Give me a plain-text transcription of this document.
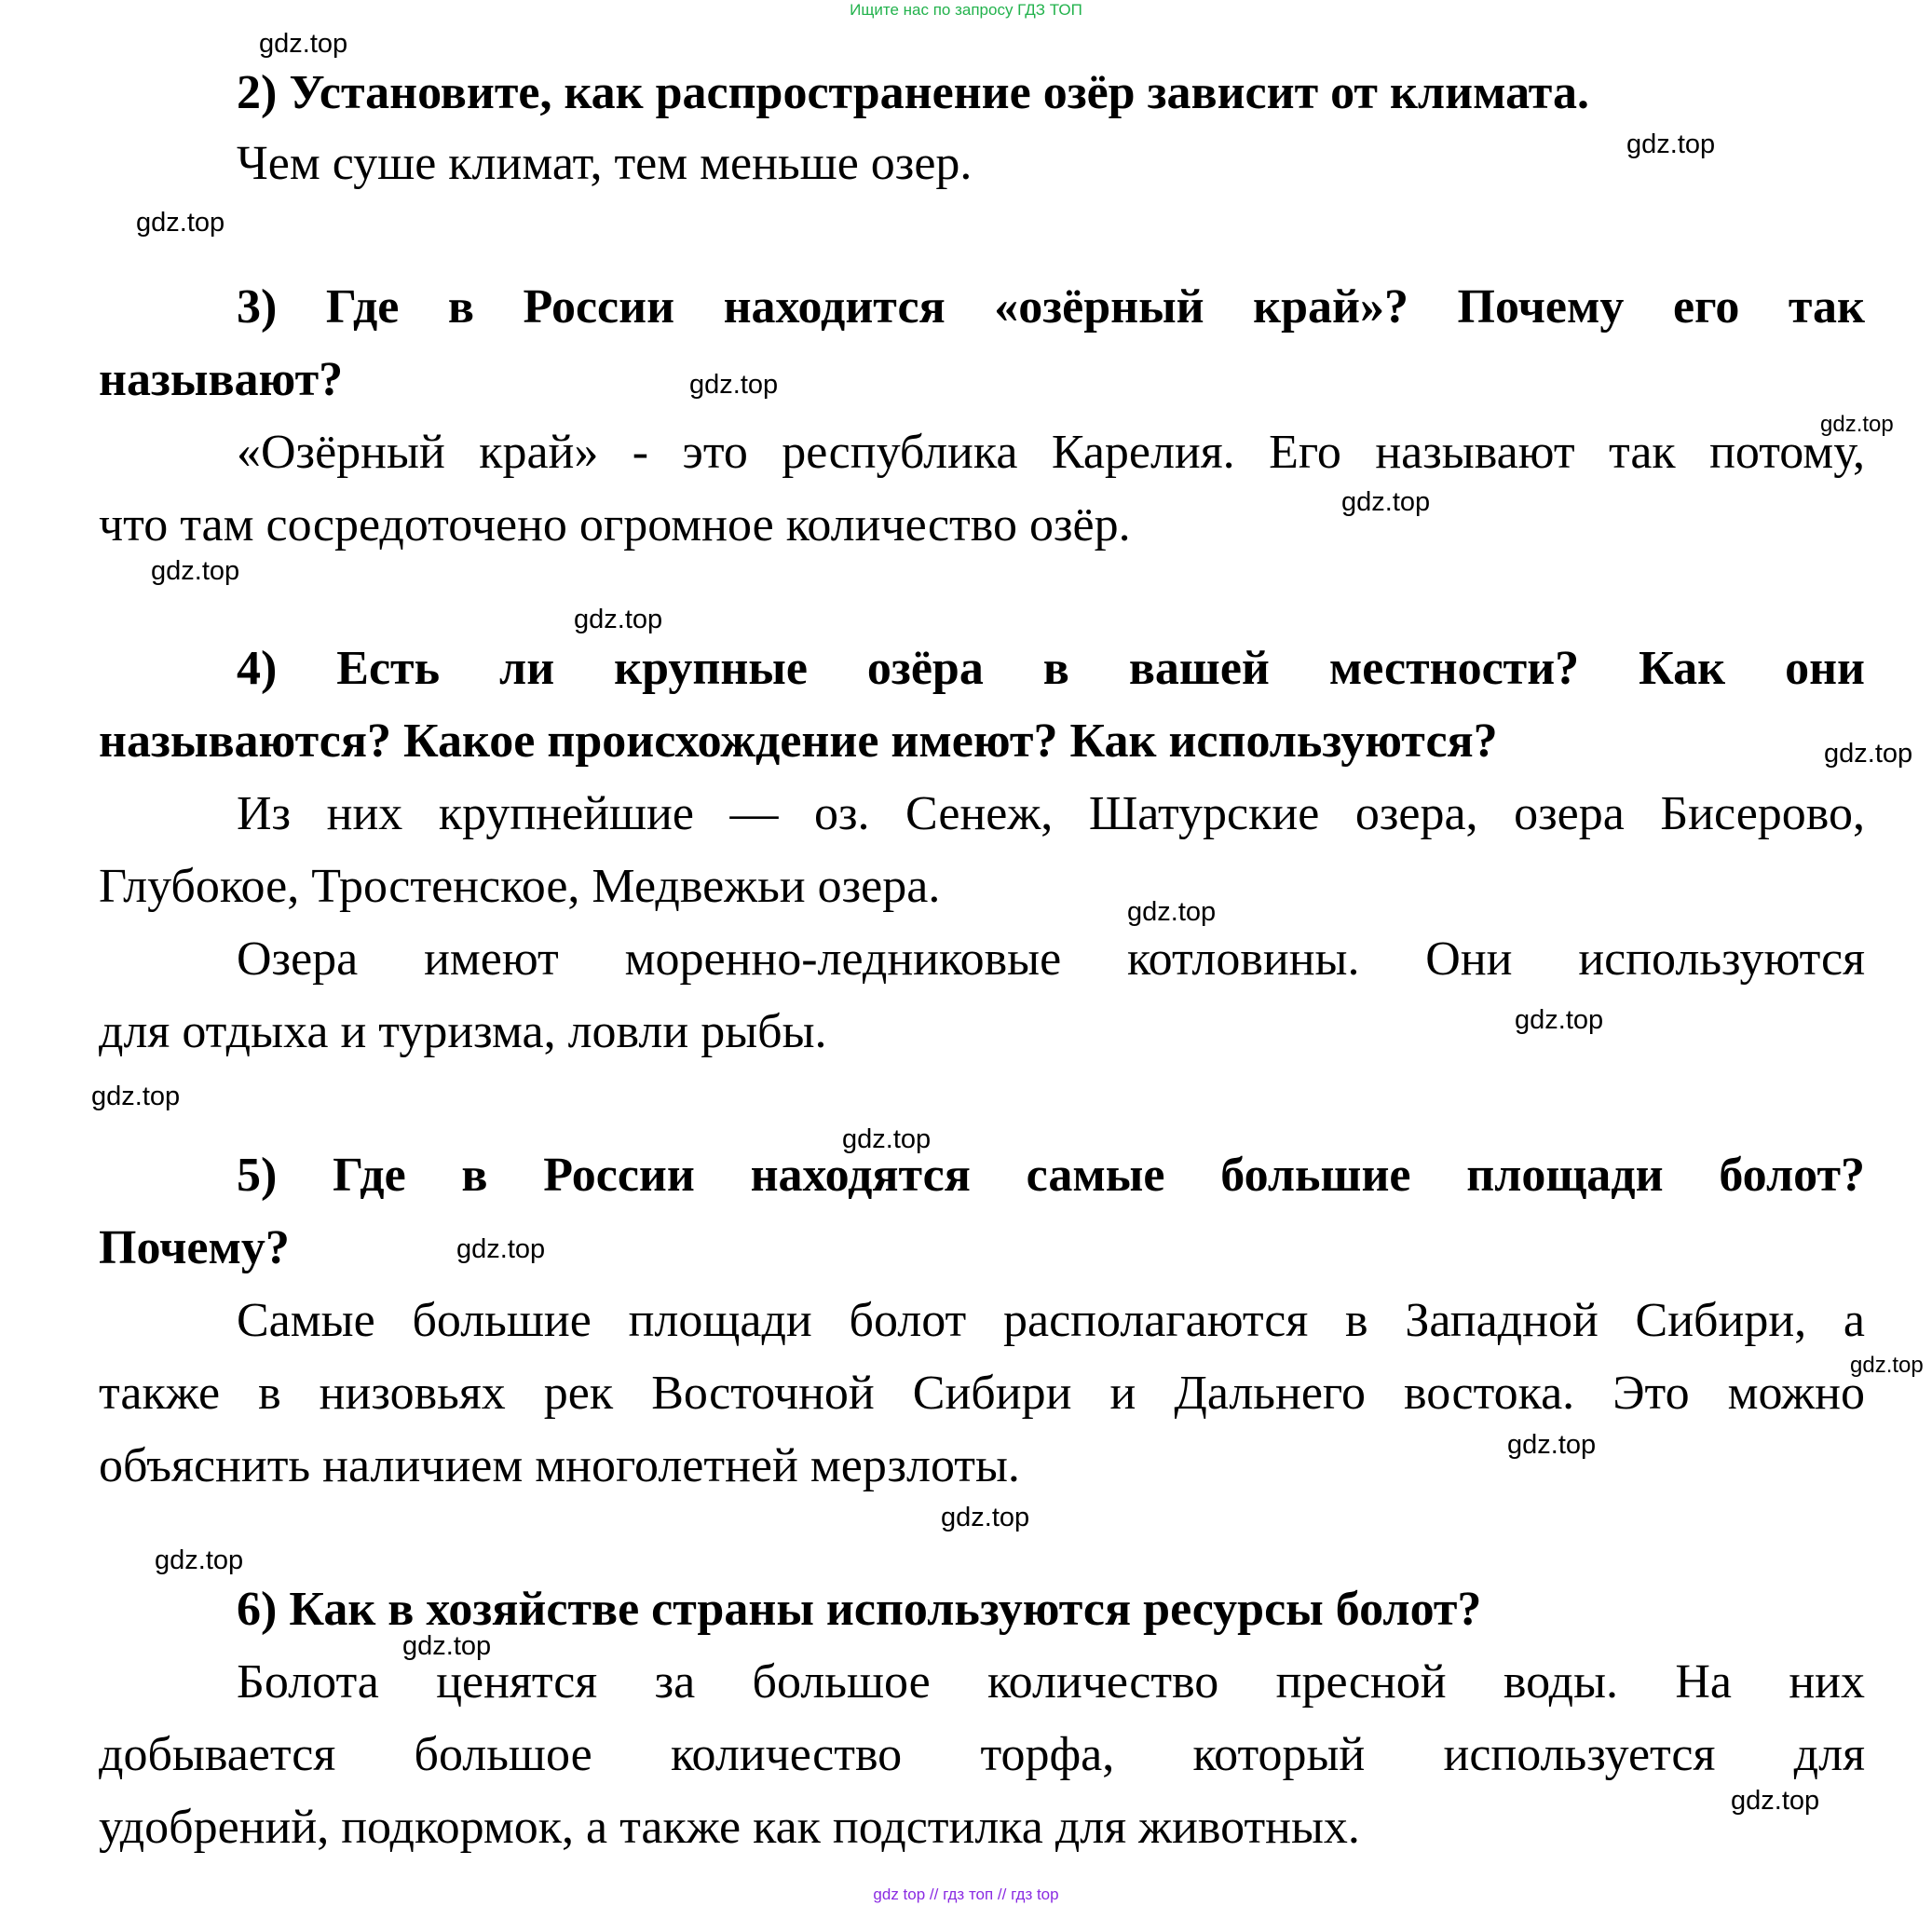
Ищите нас по запросу ГДЗ ТОП
2) Установите, как распространение озёр зависит от климата.
Чем суше климат, тем меньше озер.
3) Где в России находится «озёрный край»? Почему его так
называют?
«Озёрный край» - это республика Карелия. Его называют так потому,
что там сосредоточено огромное количество озёр.
4) Есть ли крупные озёра в вашей местности? Как они
называются? Какое происхождение имеют? Как используются?
Из них крупнейшие — оз. Сенеж, Шатурские озера, озера Бисерово,
Глубокое, Тростенское, Медвежьи озера.
Озера имеют моренно-ледниковые котловины. Они используются
для отдыха и туризма, ловли рыбы.
5) Где в России находятся самые большие площади болот?
Почему?
Самые большие площади болот располагаются в Западной Сибири, а
также в низовьях рек Восточной Сибири и Дальнего востока. Это можно
объяснить наличием многолетней мерзлоты.
6) Как в хозяйстве страны используются ресурсы болот?
Болота ценятся за большое количество пресной воды. На них
добывается большое количество торфа, который используется для
удобрений, подкормок, а также как подстилка для животных.
gdz.top
gdz.top
gdz.top
gdz.top
gdz.top
gdz.top
gdz.top
gdz.top
gdz.top
gdz.top
gdz.top
gdz.top
gdz.top
gdz.top
gdz.top
gdz.top
gdz.top
gdz.top
gdz.top
gdz.top
gdz top // гдз топ // гдз top
